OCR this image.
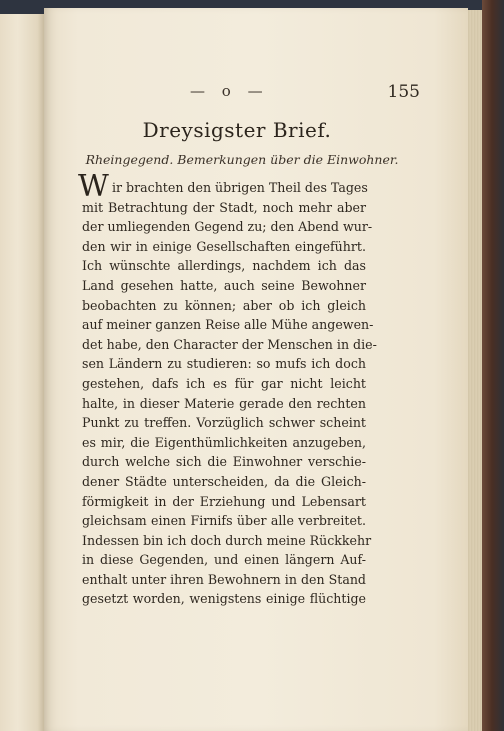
— o —	155
Dreysigster Brief.
Rheingegend. Bemerkungen über die Einwohner.
W ir brachten den übrigen Theil des Tages
mit Betrachtung der Stadt, noch mehr aber
der umliegenden Gegend zu; den Abend wur-
den wir in einige Gesellschaften eingeführt.
Ich wünschte allerdings, nachdem ich das
Land gesehen hatte, auch seine Bewohner
beobachten zu können; aber ob ich gleich
auf meiner ganzen Reise alle Mühe angewen-
det habe, den Character der Menschen in die-
sen Ländern zu studieren: so mufs ich doch
gestehen, dafs ich es für gar nicht leicht
halte, in dieser Materie gerade den rechten
Punkt zu treffen. Vorzüglich schwer scheint
es mir, die Eigenthümlichkeiten anzugeben,
durch welche sich die Einwohner verschie-
dener Städte unterscheiden, da die Gleich-
förmigkeit in der Erziehung und Lebensart
gleichsam einen Firnifs über alle verbreitet.
Indessen bin ich doch durch meine Rückkehr
in diese Gegenden, und einen längern Auf-
enthalt unter ihren Bewohnern in den Stand
gesetzt worden, wenigstens einige flüchtige
